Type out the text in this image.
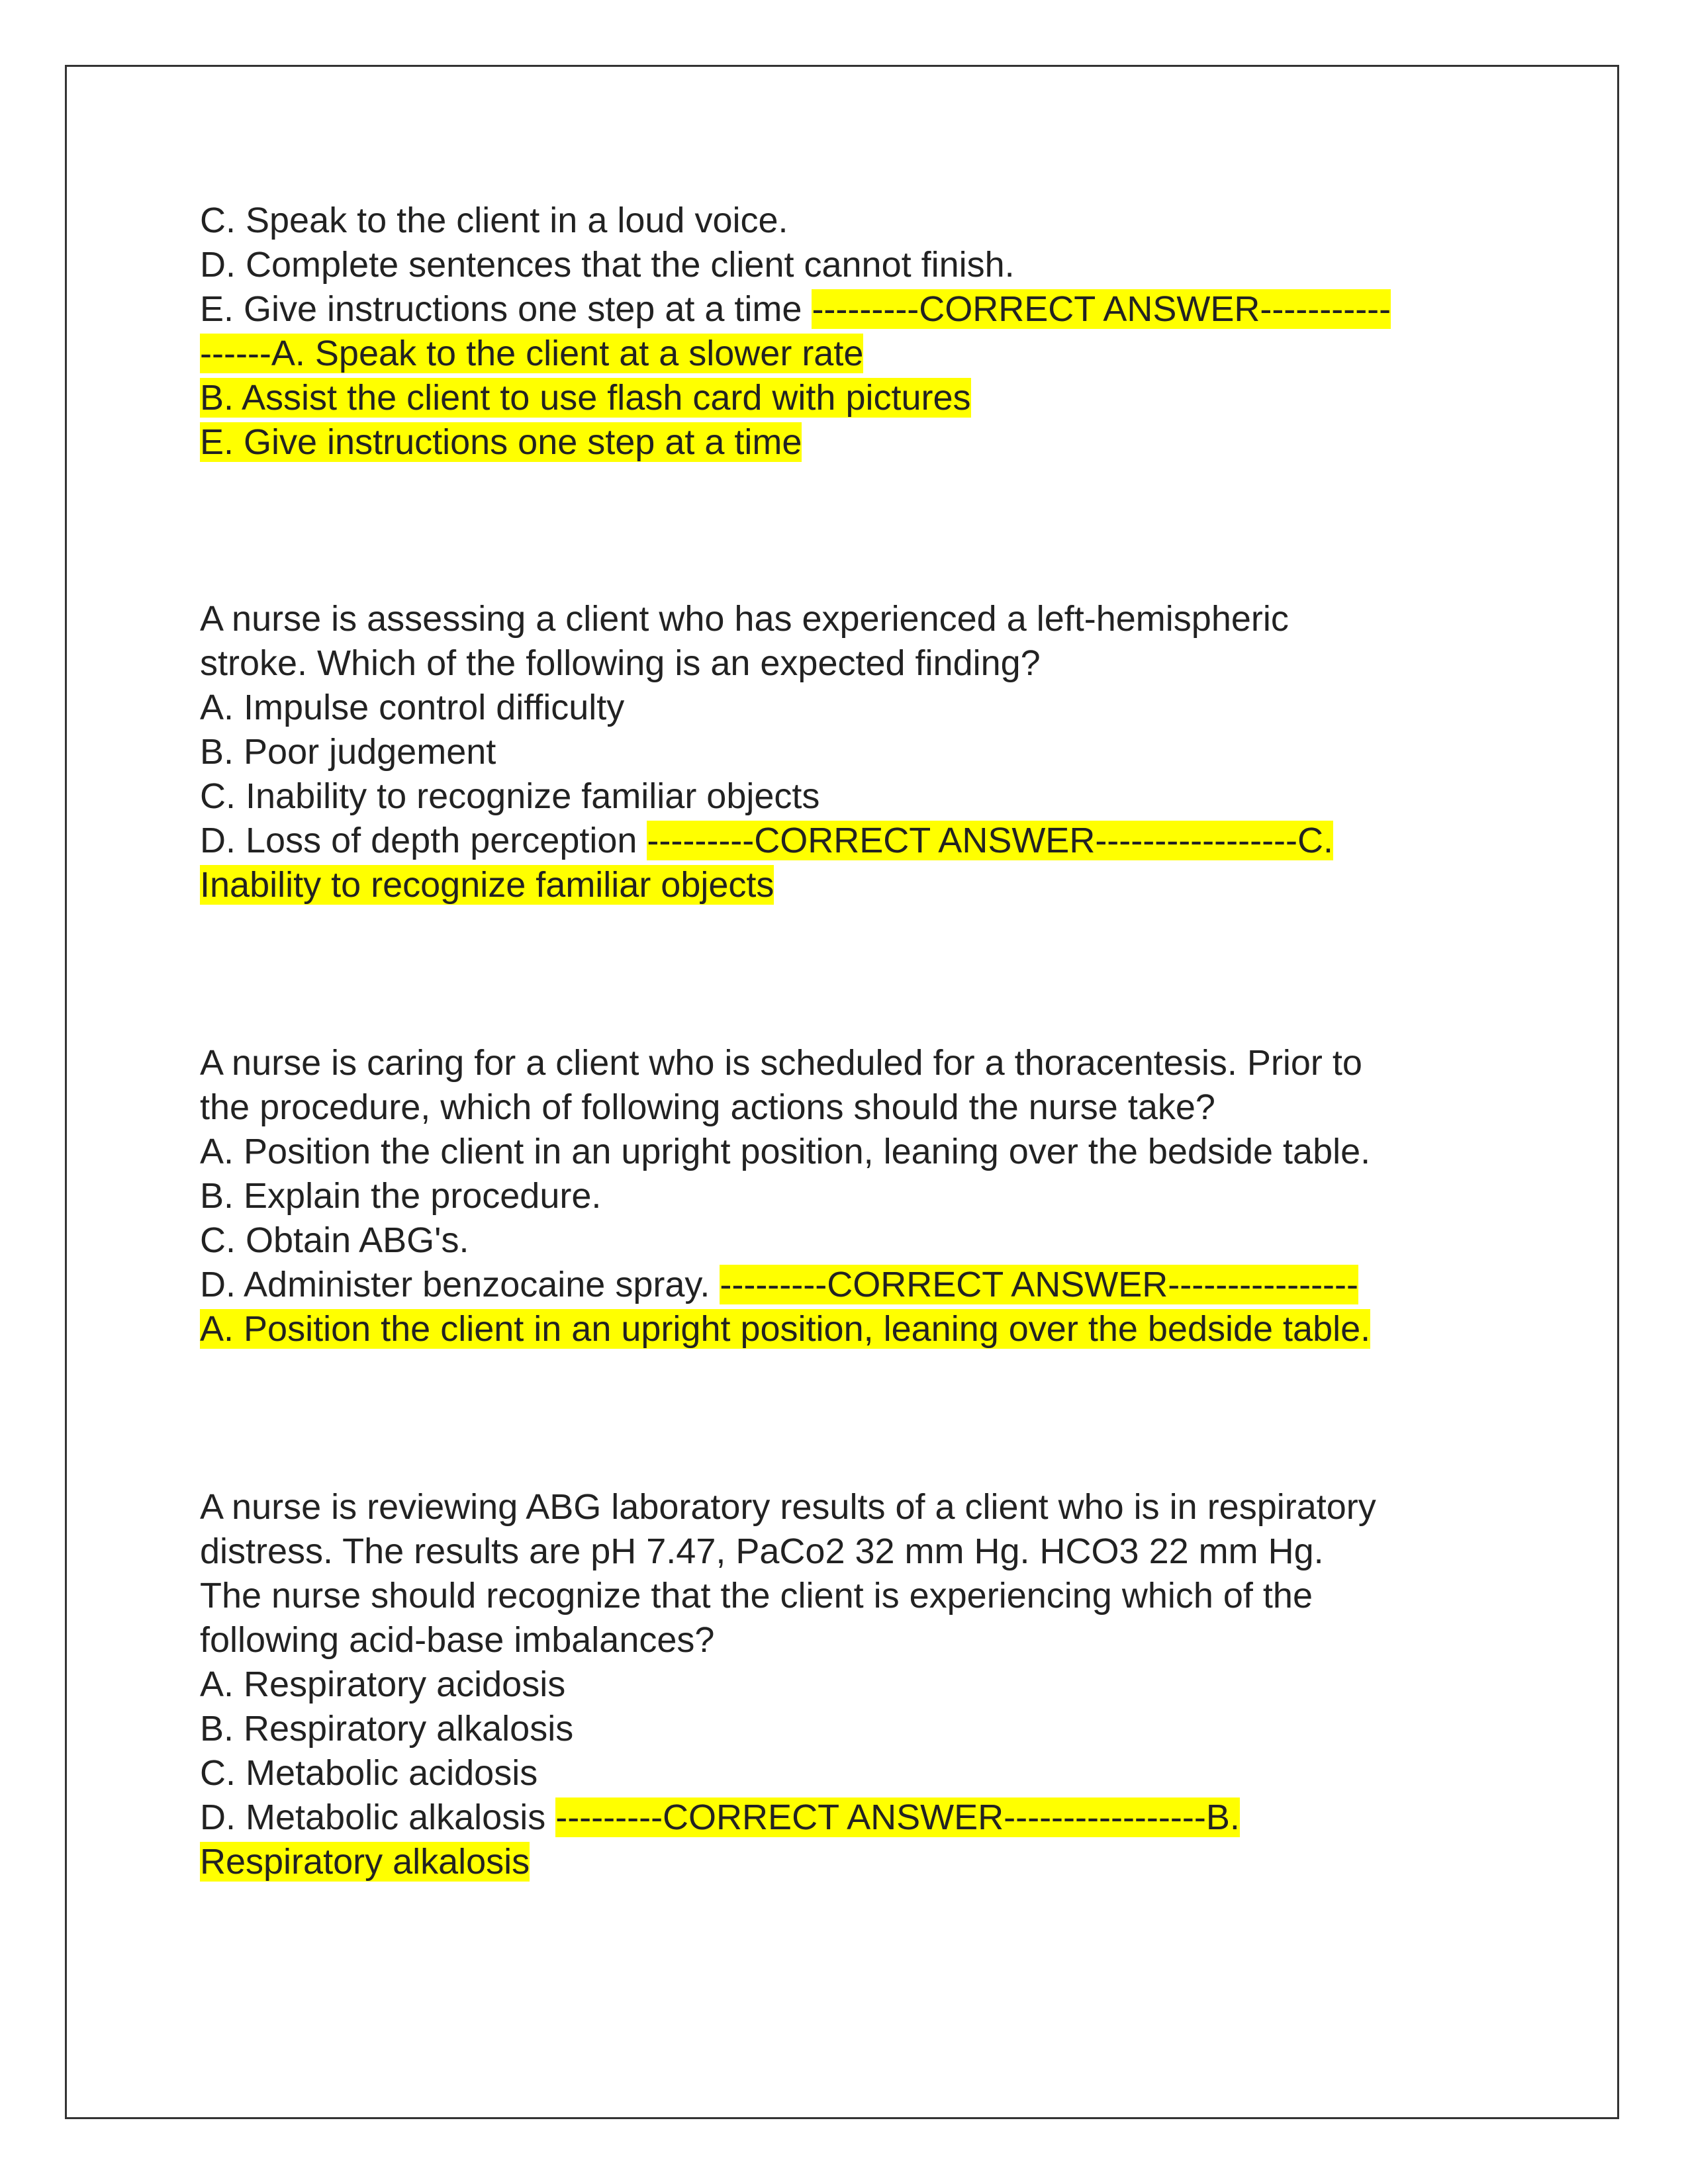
C. Speak to the client in a loud voice.
D. Complete sentences that the client cannot finish.
E. Give instructions one step at a time ---------CORRECT ANSWER-----------
------A. Speak to the client at a slower rate
B. Assist the client to use flash card with pictures
E. Give instructions one step at a time
A nurse is assessing a client who has experienced a left-hemispheric
stroke. Which of the following is an expected finding?
A. Impulse control difficulty
B. Poor judgement
C. Inability to recognize familiar objects
D. Loss of depth perception ---------CORRECT ANSWER-----------------C.
Inability to recognize familiar objects
A nurse is caring for a client who is scheduled for a thoracentesis. Prior to
the procedure, which of following actions should the nurse take?
A. Position the client in an upright position, leaning over the bedside table.
B. Explain the procedure.
C. Obtain ABG's.
D. Administer benzocaine spray. ---------CORRECT ANSWER----------------
A. Position the client in an upright position, leaning over the bedside table.
A nurse is reviewing ABG laboratory results of a client who is in respiratory
distress. The results are pH 7.47, PaCo2 32 mm Hg. HCO3 22 mm Hg.
The nurse should recognize that the client is experiencing which of the
following acid-base imbalances?
A. Respiratory acidosis
B. Respiratory alkalosis
C. Metabolic acidosis
D. Metabolic alkalosis ---------CORRECT ANSWER-----------------B.
Respiratory alkalosis
